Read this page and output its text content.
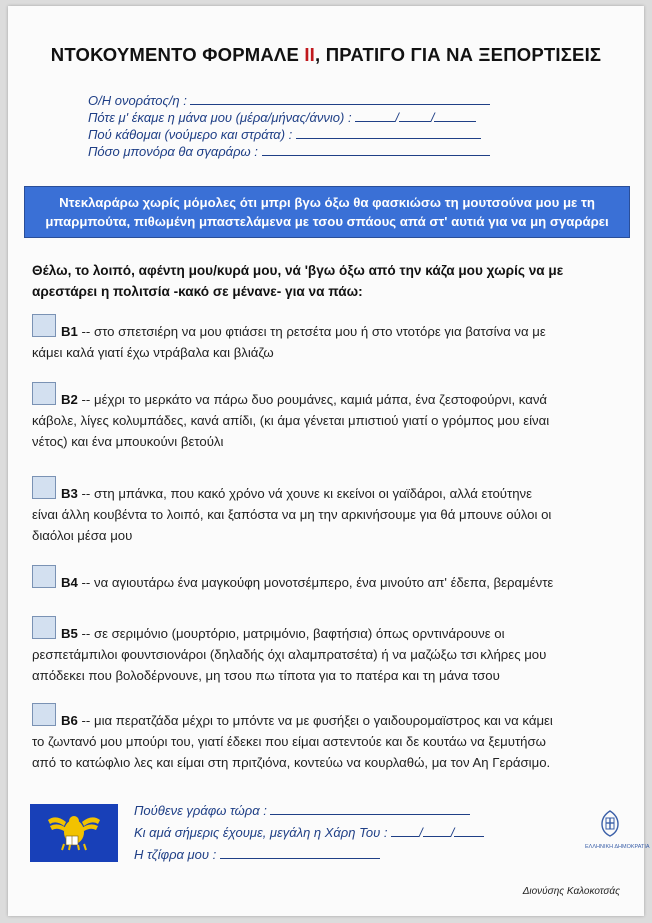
ΝΤΟΚΟΥΜΕΝΤΟ ΦΟΡΜΑΛΕ ΙΙ, ΠΡΑΤΙΓΟ ΓΙΑ ΝΑ ΞΕΠΟΡΤΙΣΕΙΣ
Ο/Η ονοράτος/η :
Πότε μ' έκαμε η μάνα μου (μέρα/μήνας/άννιο) :	/ /
Πού κάθομαι (νούμερο και στράτα) :
Πόσο μπονόρα θα σγαράρω :
Ντεκλαράρω χωρίς μόμολες ότι μπρι βγω όξω θα φασκιώσω τη μουτσούνα μου με τη
μπαρμπούτα, πιθωμένη μπαστελάμενα με τσου σπάους απά στ' αυτιά για να μη σγαράρει
Θέλω, το λοιπό, αφέντη μου/κυρά μου, νά 'βγω όξω από την κάζα μου χωρίς να με
αρεστάρει η πολιτσία -κακό σε μένανε- για να πάω:
Β1 -- στο σπετσιέρη να μου φτιάσει τη ρετσέτα μου ή στο ντοτόρε για βατσίνα να με
κάμει καλά γιατί έχω ντράβαλα και βλιάζω
Β2 -- μέχρι το μερκάτο να πάρω δυο ρουμάνες, καμιά μάπα, ένα ζεστοφούρνι, κανά
κάβολε, λίγες κολυμπάδες, κανά απίδι, (κι άμα γένεται μπιστιού γιατί ο γρόμπος μου είναι
νέτος) και ένα μπουκούνι βετούλι
Β3 -- στη μπάνκα, που κακό χρόνο νά χουνε κι εκείνοι οι γαϊδάροι, αλλά ετούτηνε
είναι άλλη κουβέντα το λοιπό, και ξαπόστα να μη την αρκινήσουμε για θά μπουνε ούλοι οι
διαόλοι μέσα μου
Β4 -- να αγιουτάρω ένα μαγκούφη μονοτσέμπερο, ένα μινούτο απ' έδεπα, βεραμέντε
Β5 -- σε σεριμόνιο (μουρτόριο, ματριμόνιο, βαφτήσια) όπως ορντινάρουνε οι
ρεσπετάμπιλοι φουντσιονάροι (δηλαδής όχι αλαμπρατσέτα) ή να μαζώξω τσι κλήρες μου
απόδεκει που βολοδέρνουνε, μη τσου πω τίποτα για το πατέρα και τη μάνα τσου
Β6 -- μια περατζάδα μέχρι το μπόντε να με φυσήξει ο γαιδουρομαϊστρος και να κάμει
το ζωντανό μου μπούρι του, γιατί έδεκει που είμαι αστεντούε και δε κουτάω να ξεμυτήσω
από το κατώφλιο λες και είμαι στη πριτζιόνα, κοντεύω να κουρλαθώ, μα τον Αη Γεράσιμο.
Πούθενε γράφω τώρα :
Κι αμά σήμερις έχουμε, μεγάλη η Χάρη Του : / /
Η τζίφρα μου :	ΕΛΛΗΝΙΚΗ ΔΗΜΟΚΡΑΤΙΑ
Διονύσης Καλοκοτσάς
